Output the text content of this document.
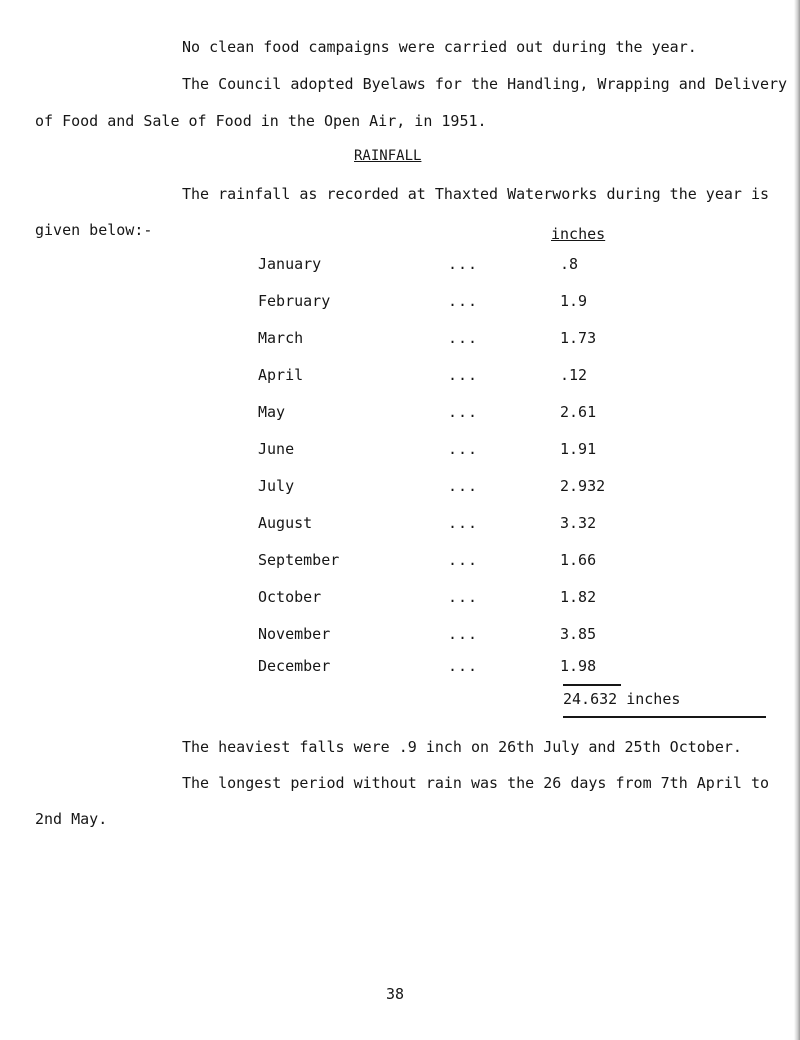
No clean food campaigns were carried out during the year.
The Council adopted Byelaws for the Handling, Wrapping and Delivery
of Food and Sale of Food in the Open Air, in 1951.
RAINFALL
The rainfall as recorded at Thaxted Waterworks during the year is
given below:-	inches
January	...	.8
February	...	1.9
March	...	1.73
April	...	.12
May	...	2.61
June	...	1.91
July	...	2.932
August	...	3.32
September	...	1.66
October	...	1.82
November	...	3.85
December	...	1.98
24.632 inches
The heaviest falls were .9 inch on 26th July and 25th October.
The longest period without rain was the 26 days from 7th April to
2nd May.
38
